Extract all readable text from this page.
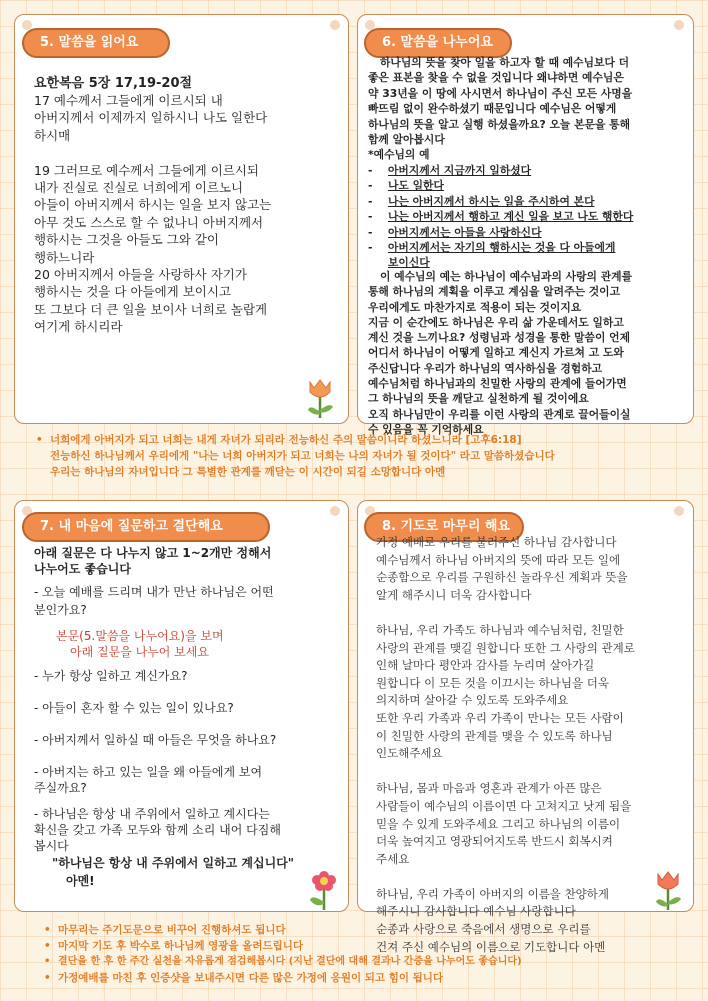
5. 말씀을 읽어요
요한복음 5장 17,19-20절
17 예수께서 그들에게 이르시되 내
아버지께서 이제까지 일하시니 나도 일한다
하시매
19 그러므로 예수께서 그들에게 이르시되
내가 진실로 진실로 너희에게 이르노니
아들이 아버지께서 하시는 일을 보지 않고는
아무 것도 스스로 할 수 없나니 아버지께서
행하시는 그것을 아들도 그와 같이
행하느니라
20 아버지께서 아들을 사랑하사 자기가
행하시는 것을 다 아들에게 보이시고
또 그보다 더 큰 일을 보이사 너희로 놀랍게
여기게 하시리라
6. 말씀을 나누어요
하나님의 뜻을 찾아 일을 하고자 할 때 예수님보다 더
좋은 표본을 찾을 수 없을 것입니다 왜냐하면 예수님은
약 33년을 이 땅에 사시면서 하나님이 주신 모든 사명을
빠뜨림 없이 완수하셨기 때문입니다 예수님은 어떻게
하나님의 뜻을 알고 실행 하셨을까요? 오늘 본문을 통해
함께 알아봅시다
*예수님의 예
- 아버지께서 지금까지 일하셨다
- 나도 일한다
- 나는 아버지께서 하시는 일을 주시하여 본다
- 나는 아버지께서 행하고 계신 일을 보고 나도 행한다
- 아버지께서는 아들을 사랑하신다
- 아버지께서는 자기의 행하시는 것을 다 아들에게
보이신다
이 예수님의 예는 하나님이 예수님과의 사랑의 관계를
통해 하나님의 계획을 이루고 계심을 알려주는 것이고
우리에게도 마찬가지로 적용이 되는 것이지요
지금 이 순간에도 하나님은 우리 삶 가운데서도 일하고
계신 것을 느끼나요? 성령님과 성경을 통한 말씀이 언제
어디서 하나님이 어떻게 일하고 계신지 가르쳐 고 도와
주신답니다 우리가 하나님의 역사하심을 경험하고
예수님처럼 하나님과의 친밀한 사랑의 관계에 들어가면
그 하나님의 뜻을 깨닫고 실천하게 될 것이에요
오직 하나님만이 우리를 이런 사랑의 관계로 끌어들이실
수 있음을 꼭 기억하세요
• 너희에게 아버지가 되고 너희는 내게 자녀가 되리라 전능하신 주의 말씀이니라 하셨느니라 [고후6:18]
전능하신 하나님께서 우리에게 "나는 너희 아버지가 되고 너희는 나의 자녀가 될 것이다" 라고 말씀하셨습니다
우리는 하나님의 자녀입니다 그 특별한 관계를 깨닫는 이 시간이 되길 소망합니다 아멘
7. 내 마음에 질문하고 결단해요
아래 질문은 다 나누지 않고 1~2개만 정해서
나누어도 좋습니다
- 오늘 예배를 드리며 내가 만난 하나님은 어떤
분인가요?
본문(5.말씀을 나누어요)을 보며
아래 질문을 나누어 보세요
- 누가 항상 일하고 계신가요?
- 아들이 혼자 할 수 있는 일이 있나요?
- 아버지께서 일하실 때 아들은 무엇을 하나요?
- 아버지는 하고 있는 일을 왜 아들에게 보여
주실까요?
- 하나님은 항상 내 주위에서 일하고 계시다는
확신을 갖고 가족 모두와 함께 소리 내어 다짐해
봅시다
"하나님은 항상 내 주위에서 일하고 계십니다"
아멘!
8. 기도로 마무리 해요
가정 예배로 우리를 불러주신 하나님 감사합니다
예수님께서 하나님 아버지의 뜻에 따라 모든 일에
순종함으로 우리를 구원하신 놀라우신 계획과 뜻을
알게 해주시니 더욱 감사합니다
하나님, 우리 가족도 하나님과 예수님처럼, 친밀한
사랑의 관계를 맺길 원합니다 또한 그 사랑의 관계로
인해 날마다 평안과 감사를 누리며 살아가길
원합니다 이 모든 것을 이끄시는 하나님을 더욱
의지하며 살아갈 수 있도록 도와주세요
또한 우리 가족과 우리 가족이 만나는 모든 사람이
이 친밀한 사랑의 관계를 맺을 수 있도록 하나님
인도해주세요
하나님, 몸과 마음과 영혼과 관계가 아픈 많은
사람들이 예수님의 이름이면 다 고쳐지고 낫게 됨을
믿을 수 있게 도와주세요 그리고 하나님의 이름이
더욱 높여지고 영광되어지도록 반드시 회복시켜
주세요
하나님, 우리 가족이 아버지의 이름을 찬양하게
해주시니 감사합니다 예수님 사랑합니다
순종과 사랑으로 죽음에서 생명으로 우리를
건져 주신 예수님의 이름으로 기도합니다 아멘
• 마무리는 주기도문으로 비꾸어 진행하셔도 됩니다
• 마지막 기도 후 박수로 하나님께 영광을 올려드립니다
• 결단을 한 후 한 주간 실천을 자유롭게 점검해봅시다 (지난 결단에 대해 결과나 간증을 나누어도 좋습니다)
• 가정예배를 마친 후 인증샷을 보내주시면 다른 많은 가정에 응원이 되고 힘이 됩니다
